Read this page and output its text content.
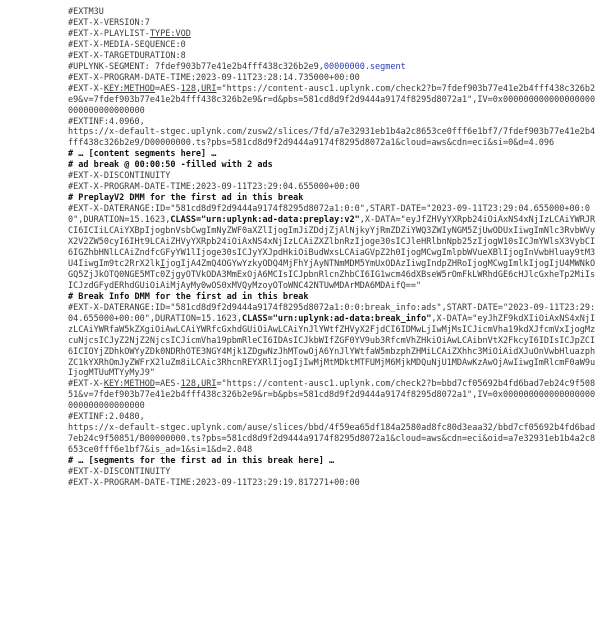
#EXTM3U
#EXT-X-VERSION:7
#EXT-X-PLAYLIST-TYPE:VOD
#EXT-X-MEDIA-SEQUENCE:0
#EXT-X-TARGETDURATION:8
#UPLYNK-SEGMENT: 7fdef903b77e41e2b4fff438c326b2e9,00000000.segment
#EXT-X-PROGRAM-DATE-TIME:2023-09-11T23:28:14.735000+00:00
#EXT-X-KEY:METHOD=AES-128,URI="https://content-ausc1.uplynk.com/check2?b=7fdef903b77e41e2b4fff438c326b2e9&v=7fdef903b77e41e2b4fff438c326b2e9&r=d&pbs=581cd8d9f2d9444a9174f8295d8072a1",IV=0x000000000000000000000000000000000
#EXTINF:4.0960,
https://x-default-stgec.uplynk.com/zusw2/slices/7fd/a7e32931eb1b4a2c8653ce0fff6e1bf7/7fdef903b77e41e2b4fff438c326b2e9/D00000000.ts?pbs=581cd8d9f2d9444a9174f8295d8072a1&cloud=aws&cdn=eci&si=0&d=4.096
# … [content segments here] …
# ad break @ 00:00:50 -filled with 2 ads
#EXT-X-DISCONTINUITY
#EXT-X-PROGRAM-DATE-TIME:2023-09-11T23:29:04.655000+00:00
# PreplayV2 DMM for the first ad in this break
#EXT-X-DATERANGE:ID="581cd8d9f2d9444a9174f8295d8072a1:0:0",START-DATE="2023-09-11T23:29:04.655000+00:00",DURATION=15.1623,CLASS="urn:uplynk:ad-data:preplay:v2",X-DATA="eyJfZHVyYXRpb24iOiAxNS4xNjIzLCAiYWRJRCI6ICIiLCAiYXBpIjogbnVsbCwgImNyZWF0aXZlIjogImJiZDdjZjAlNjkyYjRmZDZiYWQ3ZWIyNGM5ZjUwODUxIiwgImNlc3RvbWVyX2V2ZW50cyI6IHt9LCAiZHVyYXRpb24iOiAxNS4xNjIzLCAiZXZlbnRzIjoge30sICJleHRlbnNpb25zIjogW10sICJmYWlsX3VybCI6IGZhbHNlLCAiZndfcGFyYW1lIjoge30sICJyYXJpdHkiOiBudWxsLCAiaGVpZ2h0IjogMCwgImlpbWVueXBlIjogInVwbHluay9tM3U4IiwgIm9tc2RrX2lkIjogIjA4ZmQ4OGYwYzkyODQ4MjFhYjAyNTNmMDM5YmUxODAzIiwgIndpZHRoIjogMCwgImlkIjogIjU4MWNkOGQ5ZjJkOTQ0NGE5MTc0ZjgyOTVkODA3MmExOjA6MCIsICJpbnRlcnZhbCI6IG1wcm46dXBseW5rOmFkLWRhdGE6cHJlcGxheTp2MiIsICJzdGFydERhdGUiOiAiMjAyMy0wOS0xMVQyMzoyOToWNC42NTUwMDArMDA6MDAifQ=="
# Break Info DMM for the first ad in this break
#EXT-X-DATERANGE:ID="581cd8d9f2d9444a9174f8295d8072a1:0:0:break_info:ads",START-DATE="2023-09-11T23:29:04.655000+00:00",DURATION=15.1623,CLASS="urn:uplynk:ad-data:break_info",X-DATA="eyJhZF9kdXIiOiAxNS4xNjIzLCAiYWRfaW5kZXgiOiAwLCAiYWRfcGxhdGUiOiAwLCAiYnJlYWtfZHVyX2FjdCI6IDMwLjIwMjMsICJicmVha19kdXJfcmVxIjogMzcuNjcsICJyZ2NjZ2NjcsICJicmVha19pbmRleCI6IDAsICJkbWIfZGF0YV9ub3RfcmVhZHkiOiAwLCAibnVtX2FkcyI6IDIsICJpZCI6ICIOYjZDhkOWYyZDk0NDRhOTE3NGY4Mjk1ZDgwNzJhMTowOjA6YnJlYWtfaW5mbzphZHMiLCAiZXhhc3MiOiAidXJuOnVwbHluazphZC1kYXRhOmJyZWFrX2luZm8iLCAic3RhcnREYXRlIjogIjIwMjMtMDktMTFUMjM6MjkMDQuNjU1MDAwKzAwOjAwIiwgImRlcmF0aW9uIjogMTUuMTYyMyJ9"
#EXT-X-KEY:METHOD=AES-128,URI="https://content-ausc1.uplynk.com/check2?b=bbd7cf05692b4fd6bad7eb24c9f50851&v=7fdef903b77e41e2b4fff438c326b2e9&r=b&pbs=581cd8d9f2d9444a9174f8295d8072a1",IV=0x000000000000000000000000000000000
#EXTINF:2.0480,
https://x-default-stgec.uplynk.com/ause/slices/bbd/4f59ea65df184a2580ad8fc80d3eaa32/bbd7cf05692b4fd6bad7eb24c9f50851/B00000000.ts?pbs=581cd8d9f2d9444a9174f8295d8072a1&cloud=aws&cdn=eci&oid=a7e32931eb1b4a2c8653ce0fff6e1bf7&is_ad=1&si=1&d=2.048
# … [segments for the first ad in this break here] …
#EXT-X-DISCONTINUITY
#EXT-X-PROGRAM-DATE-TIME:2023-09-11T23:29:19.817271+00:00
